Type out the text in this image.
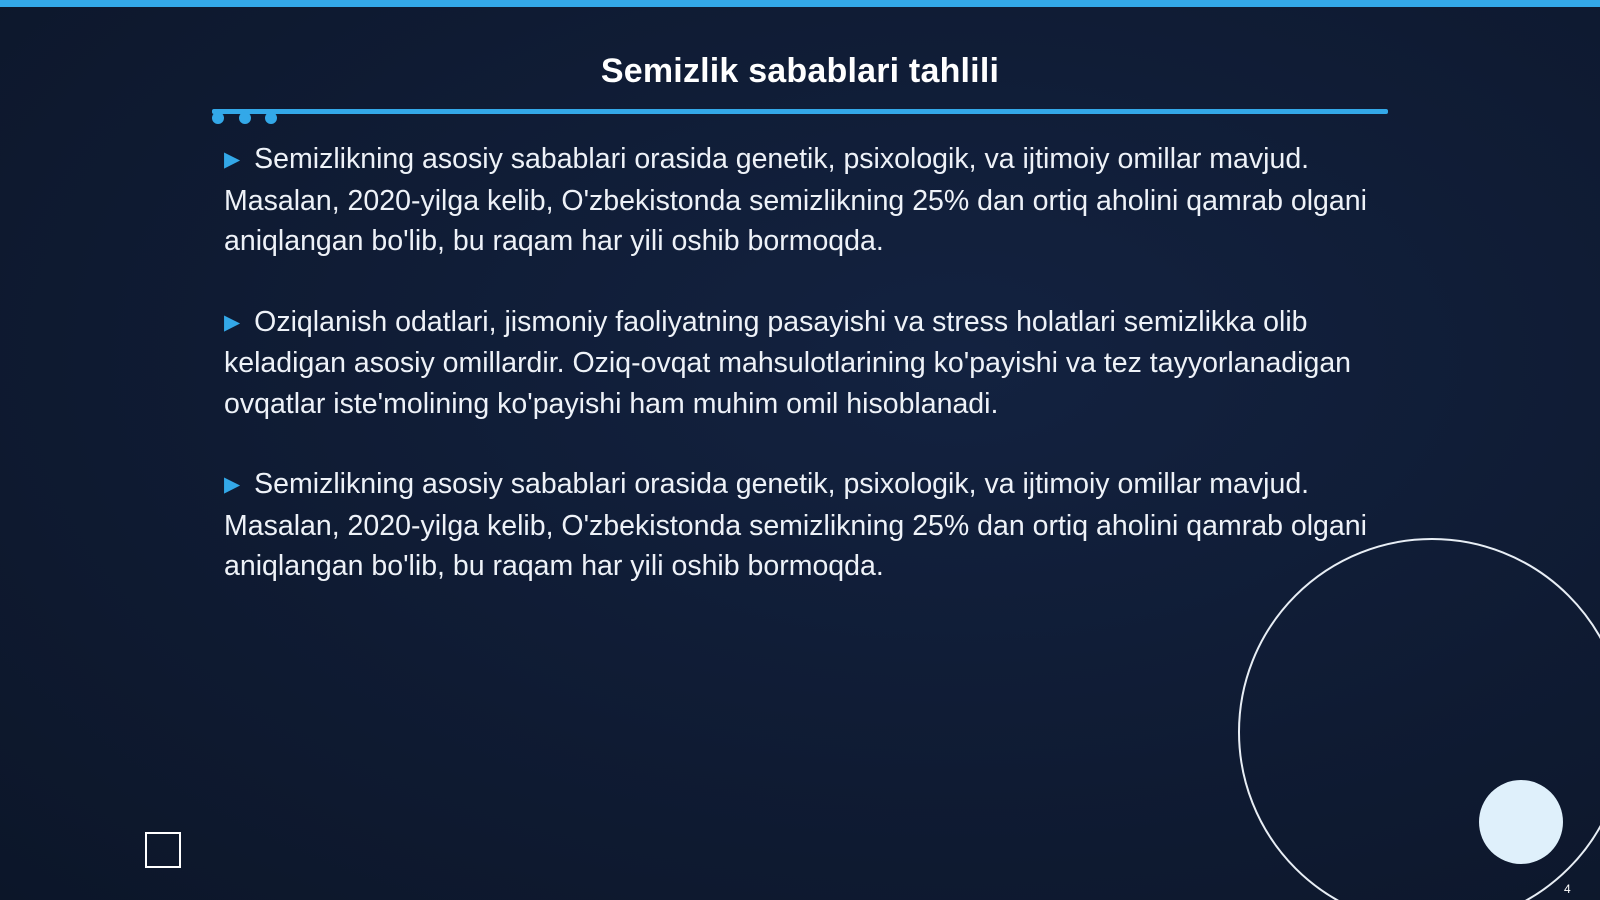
Semizlik sabablari tahlili
▶ Semizlikning asosiy sabablari orasida genetik, psixologik, va ijtimoiy omillar mavjud. Masalan, 2020-yilga kelib, O'zbekistonda semizlikning 25% dan ortiq aholini qamrab olgani aniqlangan bo'lib, bu raqam har yili oshib bormoqda.
▶ Oziqlanish odatlari, jismoniy faoliyatning pasayishi va stress holatlari semizlikka olib keladigan asosiy omillardir. Oziq-ovqat mahsulotlarining ko'payishi va tez tayyorlanadigan ovqatlar iste'molining ko'payishi ham muhim omil hisoblanadi.
▶ Semizlikning asosiy sabablari orasida genetik, psixologik, va ijtimoiy omillar mavjud. Masalan, 2020-yilga kelib, O'zbekistonda semizlikning 25% dan ortiq aholini qamrab olgani aniqlangan bo'lib, bu raqam har yili oshib bormoqda.
4
